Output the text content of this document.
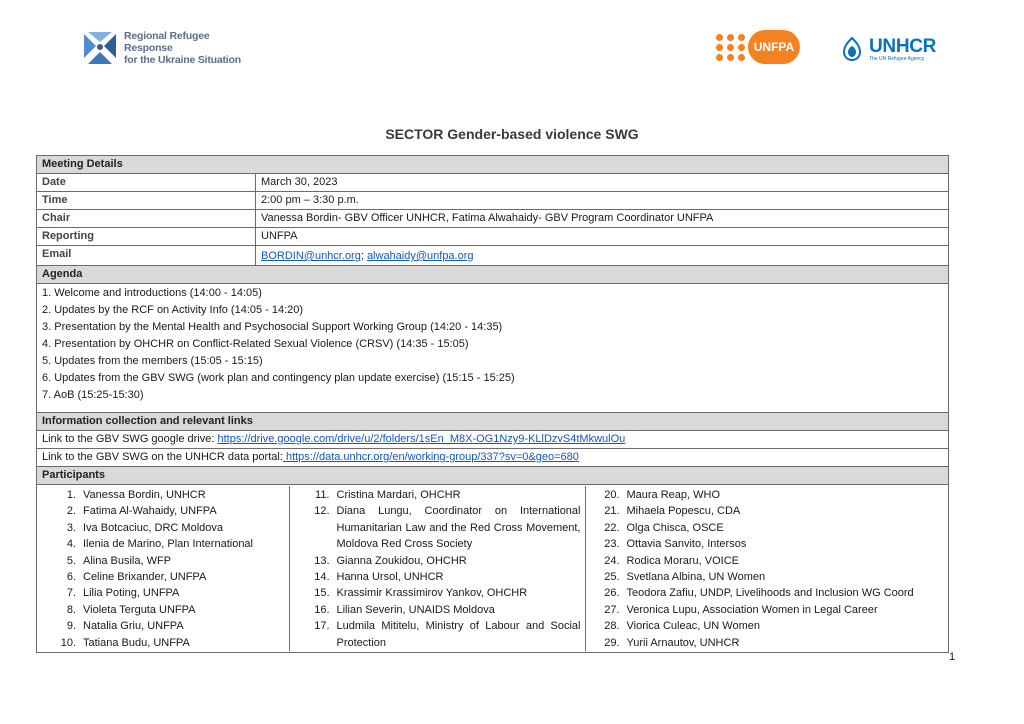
Regional Refugee Response
for the Ukraine Situation
UNFPA	UNHCR
The UN Refugee Agency
SECTOR Gender-based violence SWG
Meeting Details
Date	March 30, 2023
Time	2:00 pm – 3:30 p.m.
Chair	Vanessa Bordin- GBV Officer UNHCR, Fatima Alwahaidy- GBV Program Coordinator UNFPA
Reporting	UNFPA
Email	BORDIN@unhcr.org; alwahaidy@unfpa.org
Agenda

1. Welcome and introductions (14:00 - 14:05)
2. Updates by the RCF on Activity Info (14:05 - 14:20)
3. Presentation by the Mental Health and Psychosocial Support Working Group (14:20 - 14:35)
4. Presentation by OHCHR on Conflict-Related Sexual Violence (CRSV) (14:35 - 15:05)
5. Updates from the members (15:05 - 15:15)
6. Updates from the GBV SWG (work plan and contingency plan update exercise) (15:15 - 15:25)
7. AoB (15:25-15:30)

Information collection and relevant links
Link to the GBV SWG google drive: https://drive.google.com/drive/u/2/folders/1sEn_M8X-OG1Nzy9-KLlDzvS4tMkwulOu
Link to the GBV SWG on the UNHCR data portal: https://data.unhcr.org/en/working-group/337?sv=0&geo=680
Participants

1. Vanessa Bordin, UNHCR
2. Fatima Al-Wahaidy, UNFPA
3. Iva Botcaciuc, DRC Moldova
4. Ilenia de Marino, Plan International
5. Alina Busila, WFP
6. Celine Brixander, UNFPA
7. Lilia Poting, UNFPA
8. Violeta Terguta UNFPA
9. Natalia Griu, UNFPA
10. Tatiana Budu, UNFPA

11. Cristina Mardari, OHCHR
12. Diana Lungu, Coordinator on International Humanitarian Law and the Red Cross Movement, Moldova Red Cross Society
13. Gianna Zoukidou, OHCHR
14. Hanna Ursol, UNHCR
15. Krassimir Krassimirov Yankov, OHCHR
16. Lilian Severin, UNAIDS Moldova
17. Ludmila Mititelu, Ministry of Labour and Social Protection

20. Maura Reap, WHO
21. Mihaela Popescu, CDA
22. Olga Chisca, OSCE
23. Ottavia Sanvito, Intersos
24. Rodica Moraru, VOICE
25. Svetlana Albina, UN Women
26. Teodora Zafiu, UNDP, Livelihoods and Inclusion WG Coord
27. Veronica Lupu, Association Women in Legal Career
28. Viorica Culeac, UN Women
29. Yurii Arnautov, UNHCR
1
